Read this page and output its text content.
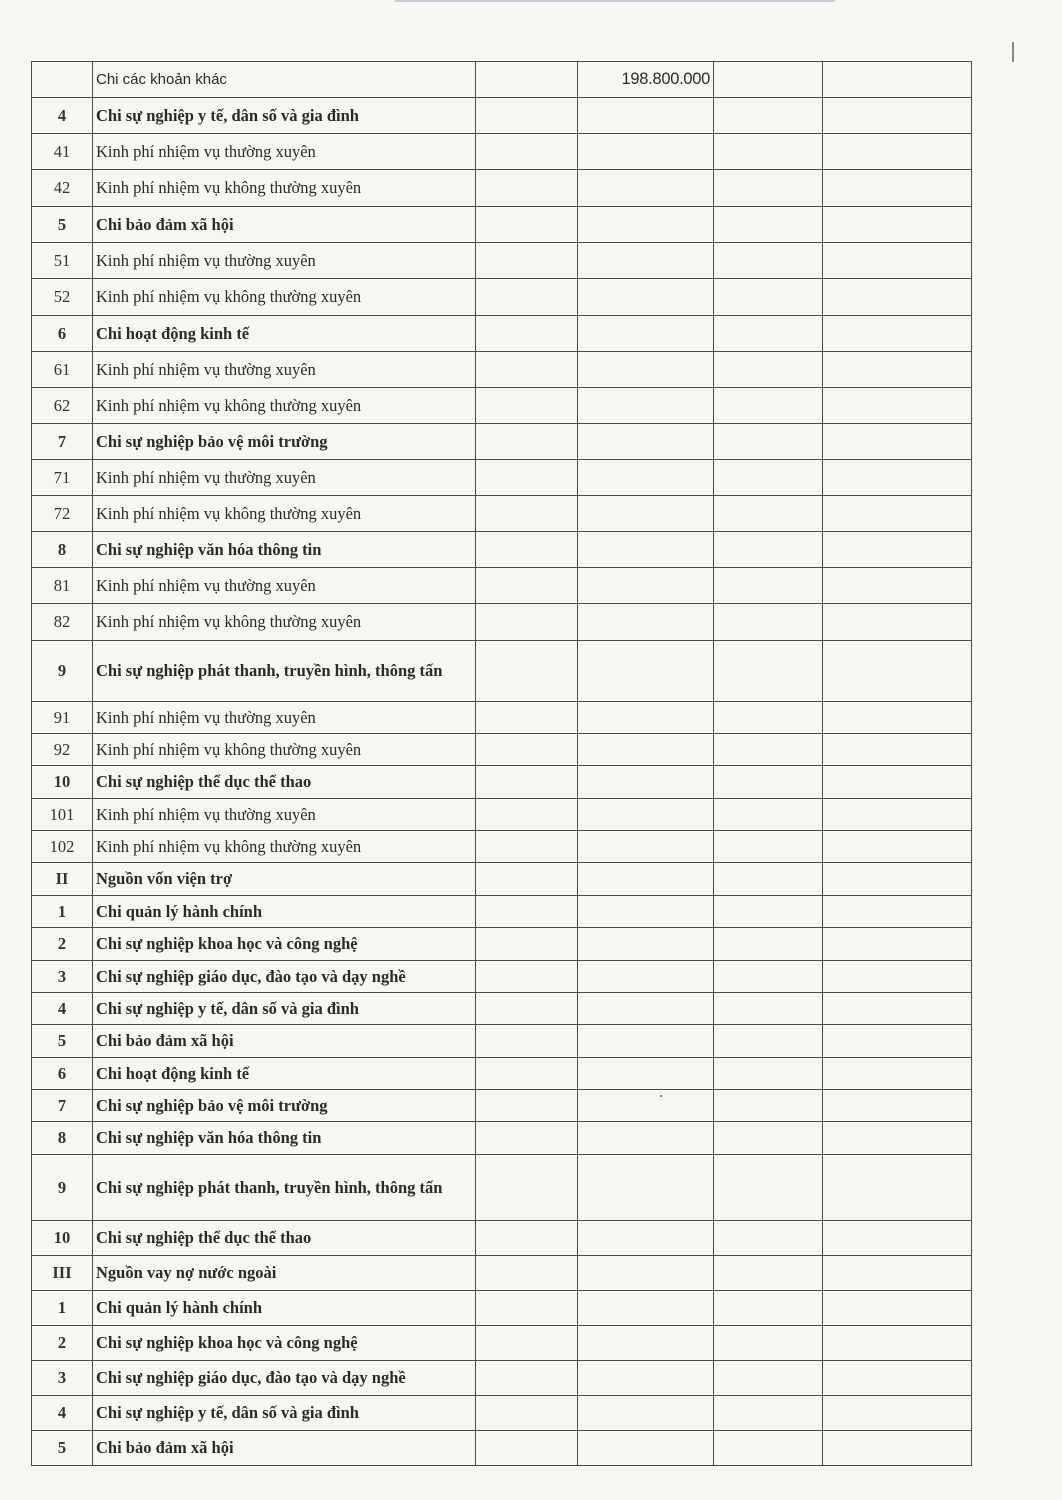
	Chi các khoản khác		198.800.000		
4	Chi sự nghiệp y tế, dân số và gia đình				
41	Kinh phí nhiệm vụ thường xuyên				
42	Kinh phí nhiệm vụ không thường xuyên				
5	Chi bảo đảm xã hội				
51	Kinh phí nhiệm vụ thường xuyên				
52	Kinh phí nhiệm vụ không thường xuyên				
6	Chi hoạt động kinh tế				
61	Kinh phí nhiệm vụ thường xuyên				
62	Kinh phí nhiệm vụ không thường xuyên				
7	Chi sự nghiệp bảo vệ môi trường				
71	Kinh phí nhiệm vụ thường xuyên				
72	Kinh phí nhiệm vụ không thường xuyên				
8	Chi sự nghiệp văn hóa thông tin				
81	Kinh phí nhiệm vụ thường xuyên				
82	Kinh phí nhiệm vụ không thường xuyên				
9	Chi sự nghiệp phát thanh, truyền hình, thông tấn				
91	Kinh phí nhiệm vụ thường xuyên				
92	Kinh phí nhiệm vụ không thường xuyên				
10	Chi sự nghiệp thể dục thể thao				
101	Kinh phí nhiệm vụ thường xuyên				
102	Kinh phí nhiệm vụ không thường xuyên				
II	Nguồn vốn viện trợ				
1	Chi quản lý hành chính				
2	Chi sự nghiệp khoa học và công nghệ				
3	Chi sự nghiệp giáo dục, đào tạo và dạy nghề				
4	Chi sự nghiệp y tế, dân số và gia đình				
5	Chi bảo đảm xã hội				
6	Chi hoạt động kinh tế				
7	Chi sự nghiệp bảo vệ môi trường				
8	Chi sự nghiệp văn hóa thông tin				
9	Chi sự nghiệp phát thanh, truyền hình, thông tấn				
10	Chi sự nghiệp thể dục thể thao				
III	Nguồn vay nợ nước ngoài				
1	Chi quản lý hành chính				
2	Chi sự nghiệp khoa học và công nghệ				
3	Chi sự nghiệp giáo dục, đào tạo và dạy nghề				
4	Chi sự nghiệp y tế, dân số và gia đình				
5	Chi bảo đảm xã hội				
